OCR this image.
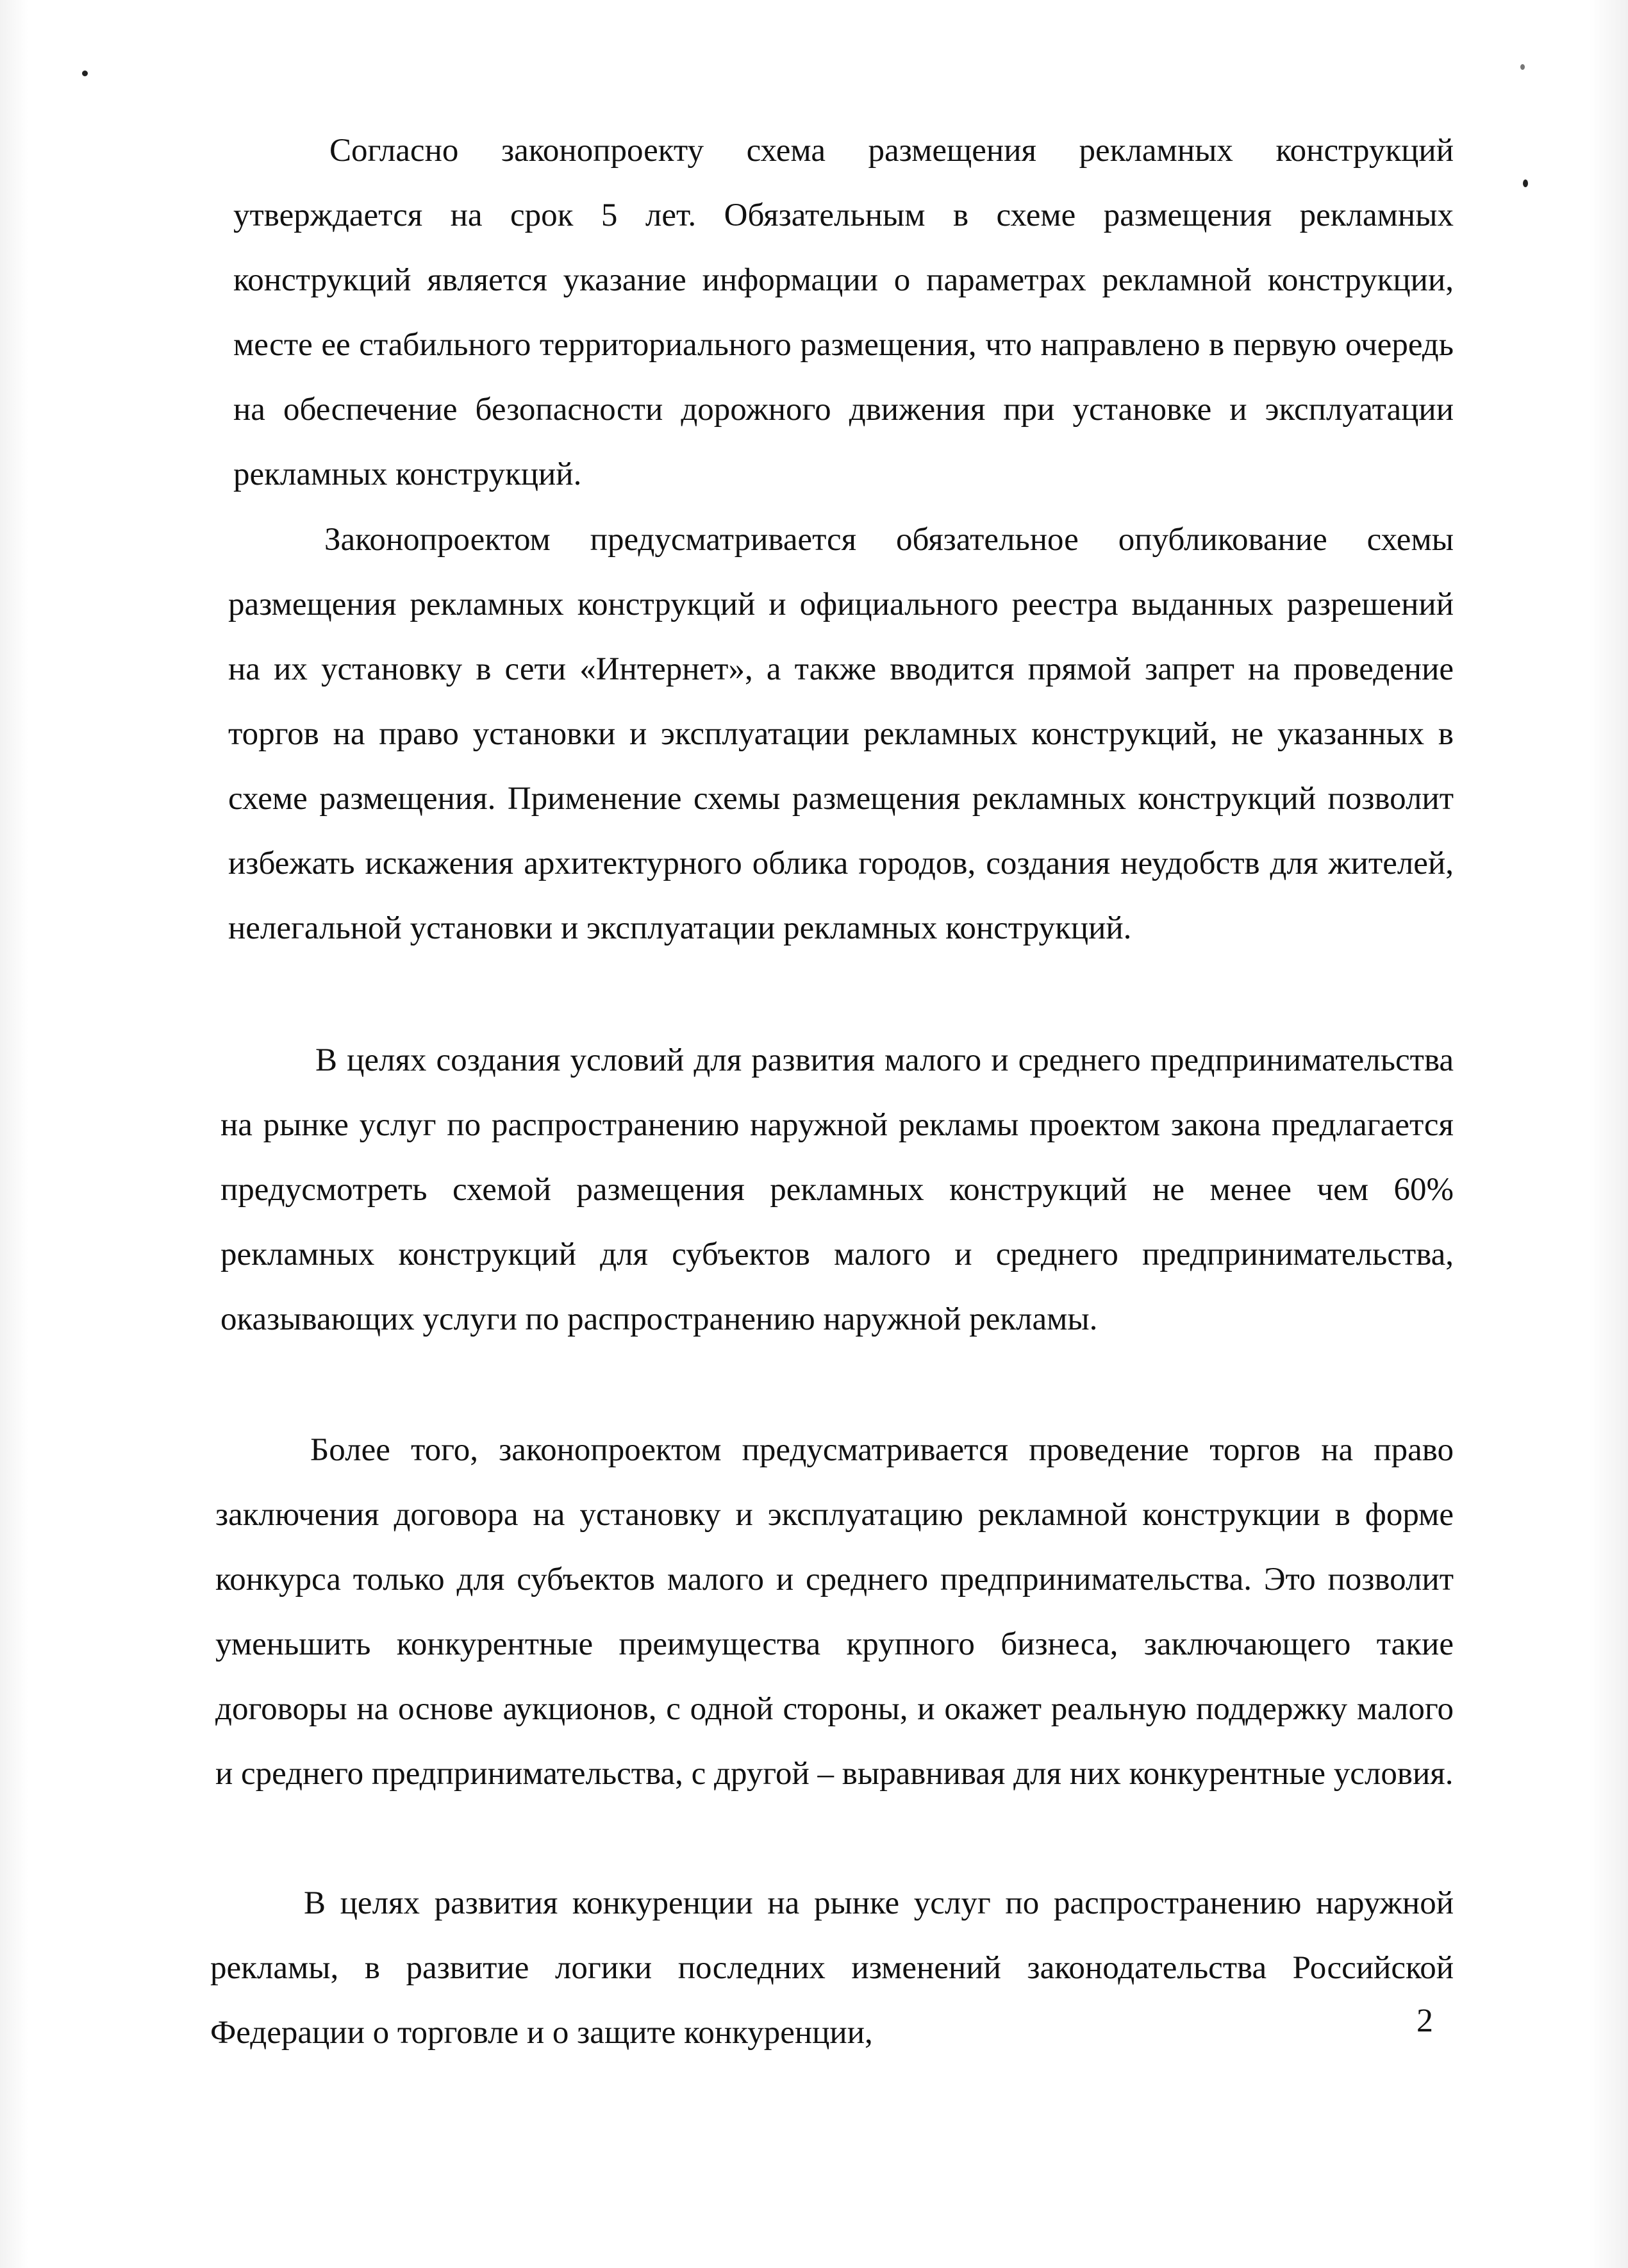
Согласно законопроекту схема размещения рекламных конструкций утверждается на срок 5 лет. Обязательным в схеме размещения рекламных конструкций является указание информации о параметрах рекламной конструкции, месте ее стабильного территориального размещения, что направлено в первую очередь на обеспечение безопасности дорожного движения при установке и эксплуатации рекламных конструкций.

Законопроектом предусматривается обязательное опубликование схемы размещения рекламных конструкций и официального реестра выданных разрешений на их установку в сети «Интернет», а также вводится прямой запрет на проведение торгов на право установки и эксплуатации рекламных конструкций, не указанных в схеме размещения. Применение схемы размещения рекламных конструкций позволит избежать искажения архитектурного облика городов, создания неудобств для жителей, нелегальной установки и эксплуатации рекламных конструкций.

В целях создания условий для развития малого и среднего предпринимательства на рынке услуг по распространению наружной рекламы проектом закона предлагается предусмотреть схемой размещения рекламных конструкций не менее чем 60% рекламных конструкций для субъектов малого и среднего предпринимательства, оказывающих услуги по распространению наружной рекламы.

Более того, законопроектом предусматривается проведение торгов на право заключения договора на установку и эксплуатацию рекламной конструкции в форме конкурса только для субъектов малого и среднего предпринимательства. Это позволит уменьшить конкурентные преимущества крупного бизнеса, заключающего такие договоры на основе аукционов, с одной стороны, и окажет реальную поддержку малого и среднего предпринимательства, с другой – выравнивая для них конкурентные условия.

В целях развития конкуренции на рынке услуг по распространению наружной рекламы, в развитие логики последних изменений законодательства Российской Федерации о торговле и о защите конкуренции,	2
